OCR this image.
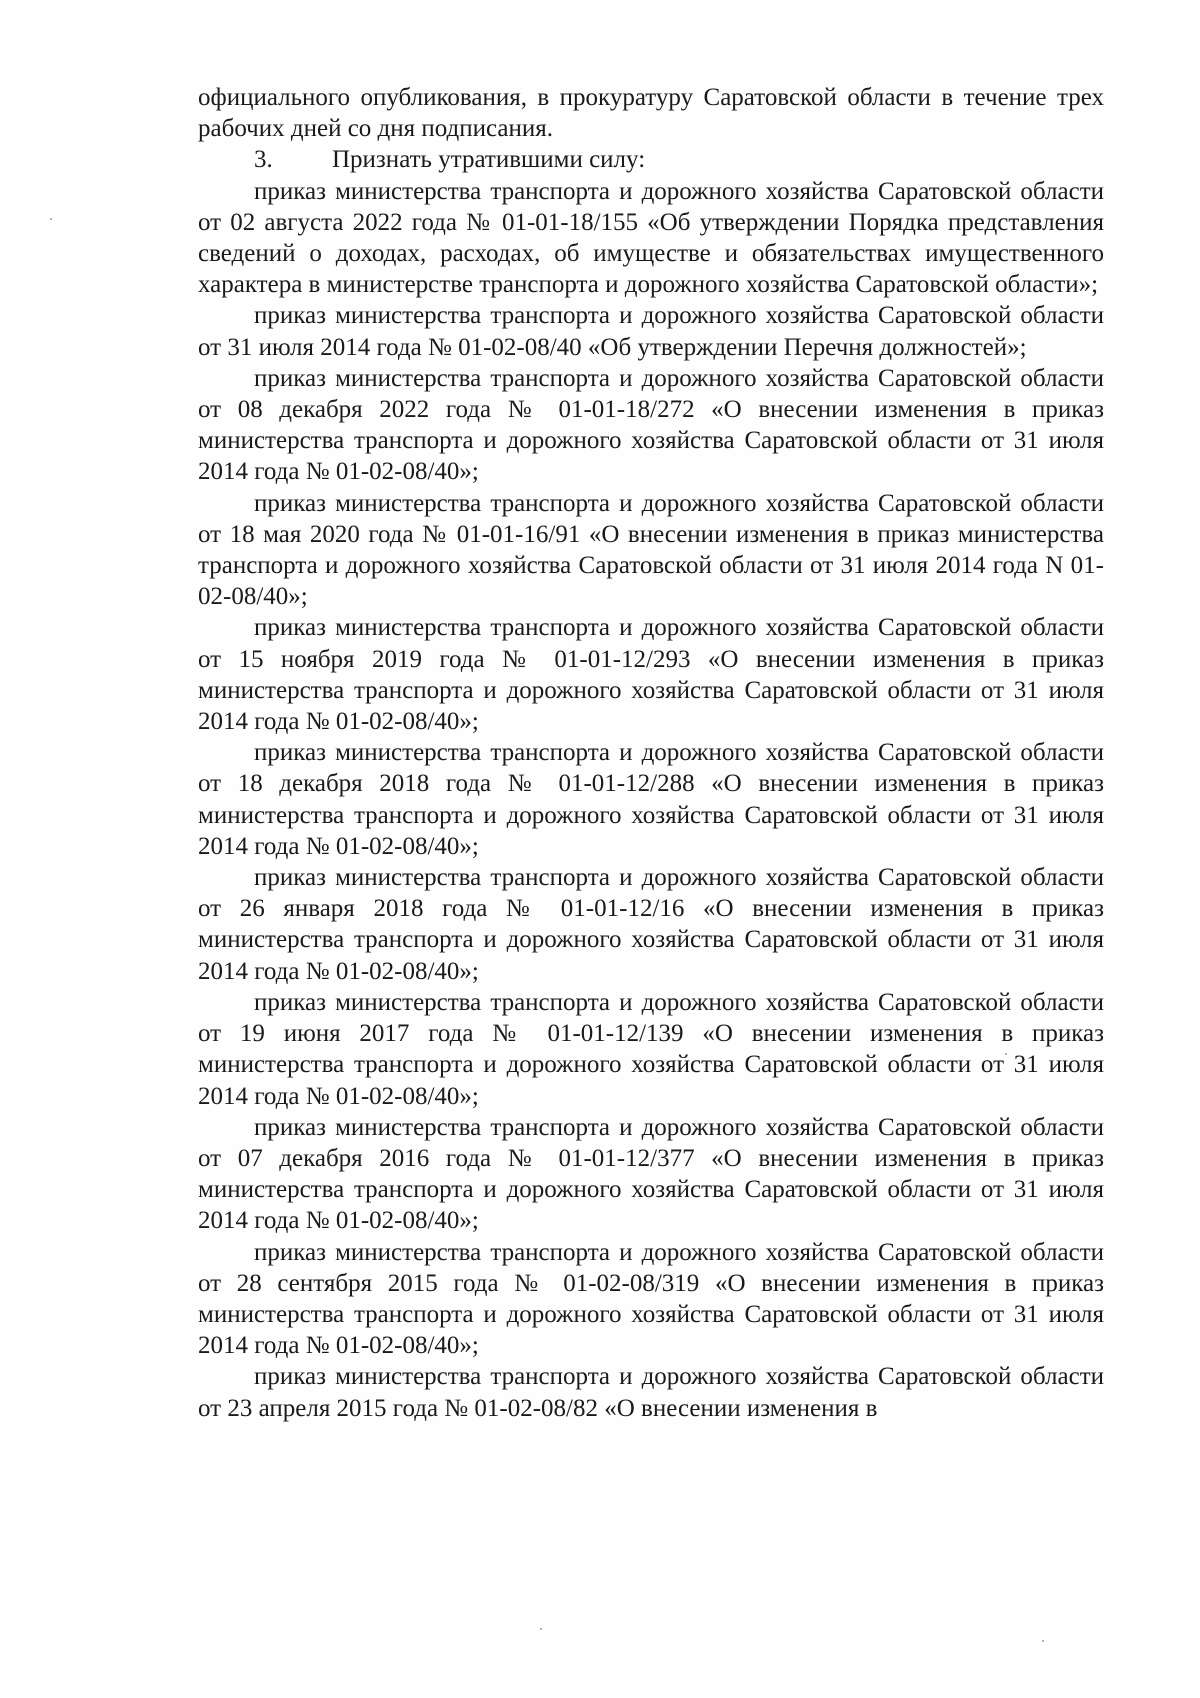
официального опубликования, в прокуратуру Саратовской области в течение трех рабочих дней со дня подписания.

3. Признать утратившими силу:

приказ министерства транспорта и дорожного хозяйства Саратовской области от 02 августа 2022 года № 01-01-18/155 «Об утверждении Порядка представления сведений о доходах, расходах, об имуществе и обязательствах имущественного характера в министерстве транспорта и дорожного хозяйства Саратовской области»;

приказ министерства транспорта и дорожного хозяйства Саратовской области от 31 июля 2014 года № 01-02-08/40 «Об утверждении Перечня должностей»;

приказ министерства транспорта и дорожного хозяйства Саратовской области от 08 декабря 2022 года № 01-01-18/272 «О внесении изменения в приказ министерства транспорта и дорожного хозяйства Саратовской области от 31 июля 2014 года № 01-02-08/40»;

приказ министерства транспорта и дорожного хозяйства Саратовской области от 18 мая 2020 года № 01-01-16/91 «О внесении изменения в приказ министерства транспорта и дорожного хозяйства Саратовской области от 31 июля 2014 года N 01-02-08/40»;

приказ министерства транспорта и дорожного хозяйства Саратовской области от 15 ноября 2019 года № 01-01-12/293 «О внесении изменения в приказ министерства транспорта и дорожного хозяйства Саратовской области от 31 июля 2014 года № 01-02-08/40»;

приказ министерства транспорта и дорожного хозяйства Саратовской области от 18 декабря 2018 года № 01-01-12/288 «О внесении изменения в приказ министерства транспорта и дорожного хозяйства Саратовской области от 31 июля 2014 года № 01-02-08/40»;

приказ министерства транспорта и дорожного хозяйства Саратовской области от 26 января 2018 года № 01-01-12/16 «О внесении изменения в приказ министерства транспорта и дорожного хозяйства Саратовской области от 31 июля 2014 года № 01-02-08/40»;

приказ министерства транспорта и дорожного хозяйства Саратовской области от 19 июня 2017 года № 01-01-12/139 «О внесении изменения в приказ министерства транспорта и дорожного хозяйства Саратовской области от 31 июля 2014 года № 01-02-08/40»;

приказ министерства транспорта и дорожного хозяйства Саратовской области от 07 декабря 2016 года № 01-01-12/377 «О внесении изменения в приказ министерства транспорта и дорожного хозяйства Саратовской области от 31 июля 2014 года № 01-02-08/40»;

приказ министерства транспорта и дорожного хозяйства Саратовской области от 28 сентября 2015 года № 01-02-08/319 «О внесении изменения в приказ министерства транспорта и дорожного хозяйства Саратовской области от 31 июля 2014 года № 01-02-08/40»;

приказ министерства транспорта и дорожного хозяйства Саратовской области от 23 апреля 2015 года № 01-02-08/82 «О внесении изменения в
